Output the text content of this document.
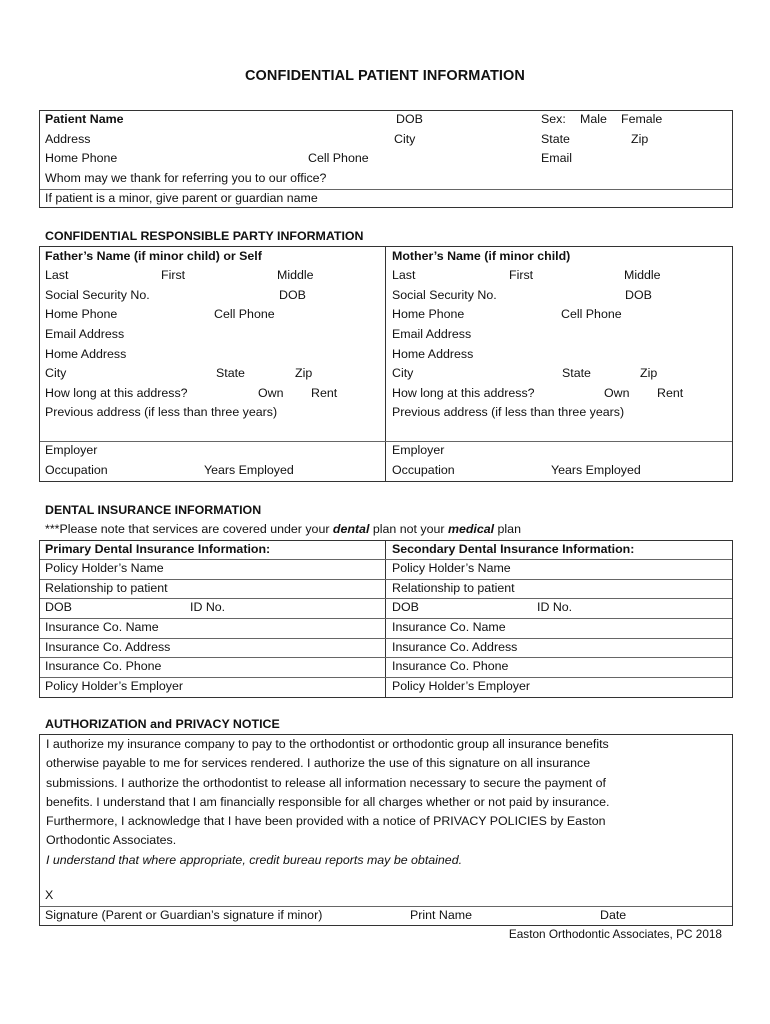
CONFIDENTIAL PATIENT INFORMATION
Patient Name	DOB	Sex: Male Female
Address	City	State	Zip
Home Phone	Cell Phone	Email
Whom may we thank for referring you to our office?
If patient is a minor, give parent or guardian name
CONFIDENTIAL RESPONSIBLE PARTY INFORMATION
Father’s Name (if minor child) or Self
Last	First	Middle
Social Security No.	DOB
Home Phone	Cell Phone
Email Address
Home Address
City	State	Zip
How long at this address?	Own Rent
Previous address (if less than three years)
Employer
Occupation	Years Employed
Mother’s Name (if minor child)
Last	First	Middle
Social Security No.	DOB
Home Phone	Cell Phone
Email Address
Home Address
City	State	Zip
How long at this address?	Own Rent
Previous address (if less than three years)
Employer
Occupation	Years Employed
DENTAL INSURANCE INFORMATION
***Please note that services are covered under your dental plan not your medical plan
Primary Dental Insurance Information:
Policy Holder’s Name
Relationship to patient
DOB	ID No.
Insurance Co. Name
Insurance Co. Address
Insurance Co. Phone
Policy Holder’s Employer
Secondary Dental Insurance Information:
Policy Holder’s Name
Relationship to patient
DOB	ID No.
Insurance Co. Name
Insurance Co. Address
Insurance Co. Phone
Policy Holder’s Employer
AUTHORIZATION and PRIVACY NOTICE

I authorize my insurance company to pay to the orthodontist or orthodontic group all insurance benefits

otherwise payable to me for services rendered. I authorize the use of this signature on all insurance

submissions. I authorize the orthodontist to release all information necessary to secure the payment of

benefits. I understand that I am financially responsible for all charges whether or not paid by insurance.

Furthermore, I acknowledge that I have been provided with a notice of PRIVACY POLICIES by Easton

Orthodontic Associates.

I understand that where appropriate, credit bureau reports may be obtained.

X
Signature (Parent or Guardian’s signature if minor)	Print Name	Date
Easton Orthodontic Associates, PC 2018
